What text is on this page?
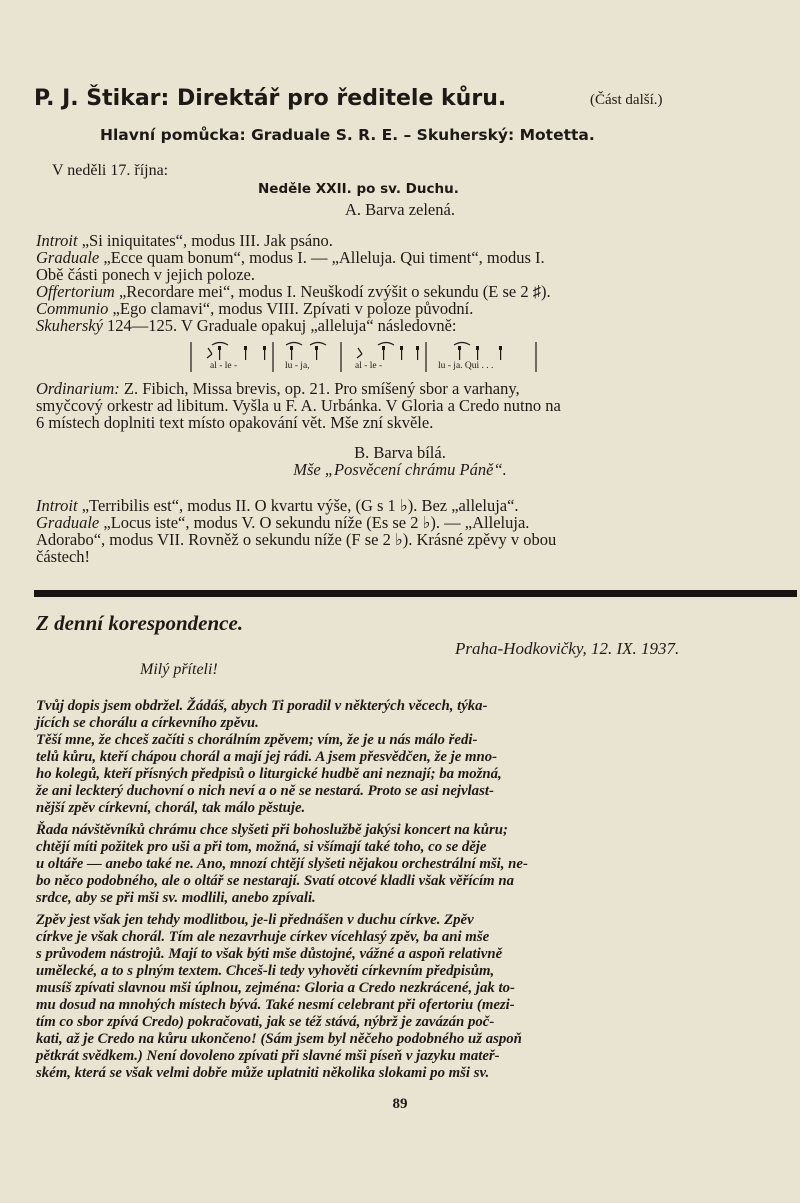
P. J. Štikar: Direktář pro ředitele kůru.	(Část další.)
Hlavní pomůcka: Graduale S. R. E. – Skuherský: Motetta.
V neděli 17. října:
Neděle XXII. po sv. Duchu.
A. Barva zelená.
Introit „Si iniquitates“, modus III. Jak psáno.
Graduale „Ecce quam bonum“, modus I. — „Alleluja. Qui timent“, modus I.
Obě části ponech v jejich poloze.
Offertorium „Recordare mei“, modus I. Neuškodí zvýšit o sekundu (E se 2 ♯).
Communio „Ego clamavi“, modus VIII. Zpívati v poloze původní.
Skuherský 124—125. V Graduale opakuj „alleluja“ následovně:
al - le -	lu - ja,	al - le -	lu - ja. Qui . . .
Ordinarium: Z. Fibich, Missa brevis, op. 21. Pro smíšený sbor a varhany,
smyčcový orkestr ad libitum. Vyšla u F. A. Urbánka. V Gloria a Credo nutno na
6 místech doplniti text místo opakování vět. Mše zní skvěle.
B. Barva bílá.
Mše „Posvěcení chrámu Páně“.
Introit „Terribilis est“, modus II. O kvartu výše, (G s 1 ♭). Bez „alleluja“.
Graduale „Locus iste“, modus V. O sekundu níže (Es se 2 ♭). — „Alleluja.
Adorabo“, modus VII. Rovněž o sekundu níže (F se 2 ♭). Krásné zpěvy v obou
částech!
Z denní korespondence.
Praha-Hodkovičky, 12. IX. 1937.
Milý příteli!
Tvůj dopis jsem obdržel. Žádáš, abych Ti poradil v některých věcech, týka-
jících se chorálu a církevního zpěvu.
Těší mne, že chceš začíti s chorálním zpěvem; vím, že je u nás málo ředi-
telů kůru, kteří chápou chorál a mají jej rádi. A jsem přesvědčen, že je mno-
ho kolegů, kteří přísných předpisů o liturgické hudbě ani neznají; ba možná,
že ani leckterý duchovní o nich neví a o ně se nestará. Proto se asi nejvlast-
nější zpěv církevní, chorál, tak málo pěstuje.
Řada návštěvníků chrámu chce slyšeti při bohoslužbě jakýsi koncert na kůru;
chtějí míti požitek pro uši a při tom, možná, si všímají také toho, co se děje
u oltáře — anebo také ne. Ano, mnozí chtějí slyšeti nějakou orchestrální mši, ne-
bo něco podobného, ale o oltář se nestarají. Svatí otcové kladli však věřícím na
srdce, aby se při mši sv. modlili, anebo zpívali.
Zpěv jest však jen tehdy modlitbou, je-li přednášen v duchu církve. Zpěv
církve je však chorál. Tím ale nezavrhuje církev vícehlasý zpěv, ba ani mše
s průvodem nástrojů. Mají to však býti mše důstojné, vážné a aspoň relativně
umělecké, a to s plným textem. Chceš-li tedy vyhověti církevním předpisům,
musíš zpívati slavnou mši úplnou, zejména: Gloria a Credo nezkrácené, jak to-
mu dosud na mnohých místech bývá. Také nesmí celebrant při ofertoriu (mezi-
tím co sbor zpívá Credo) pokračovati, jak se též stává, nýbrž je zavázán poč-
kati, až je Credo na kůru ukončeno! (Sám jsem byl něčeho podobného už aspoň
pětkrát svědkem.) Není dovoleno zpívati při slavné mši píseň v jazyku mateř-
ském, která se však velmi dobře může uplatniti několika slokami po mši sv.
89
